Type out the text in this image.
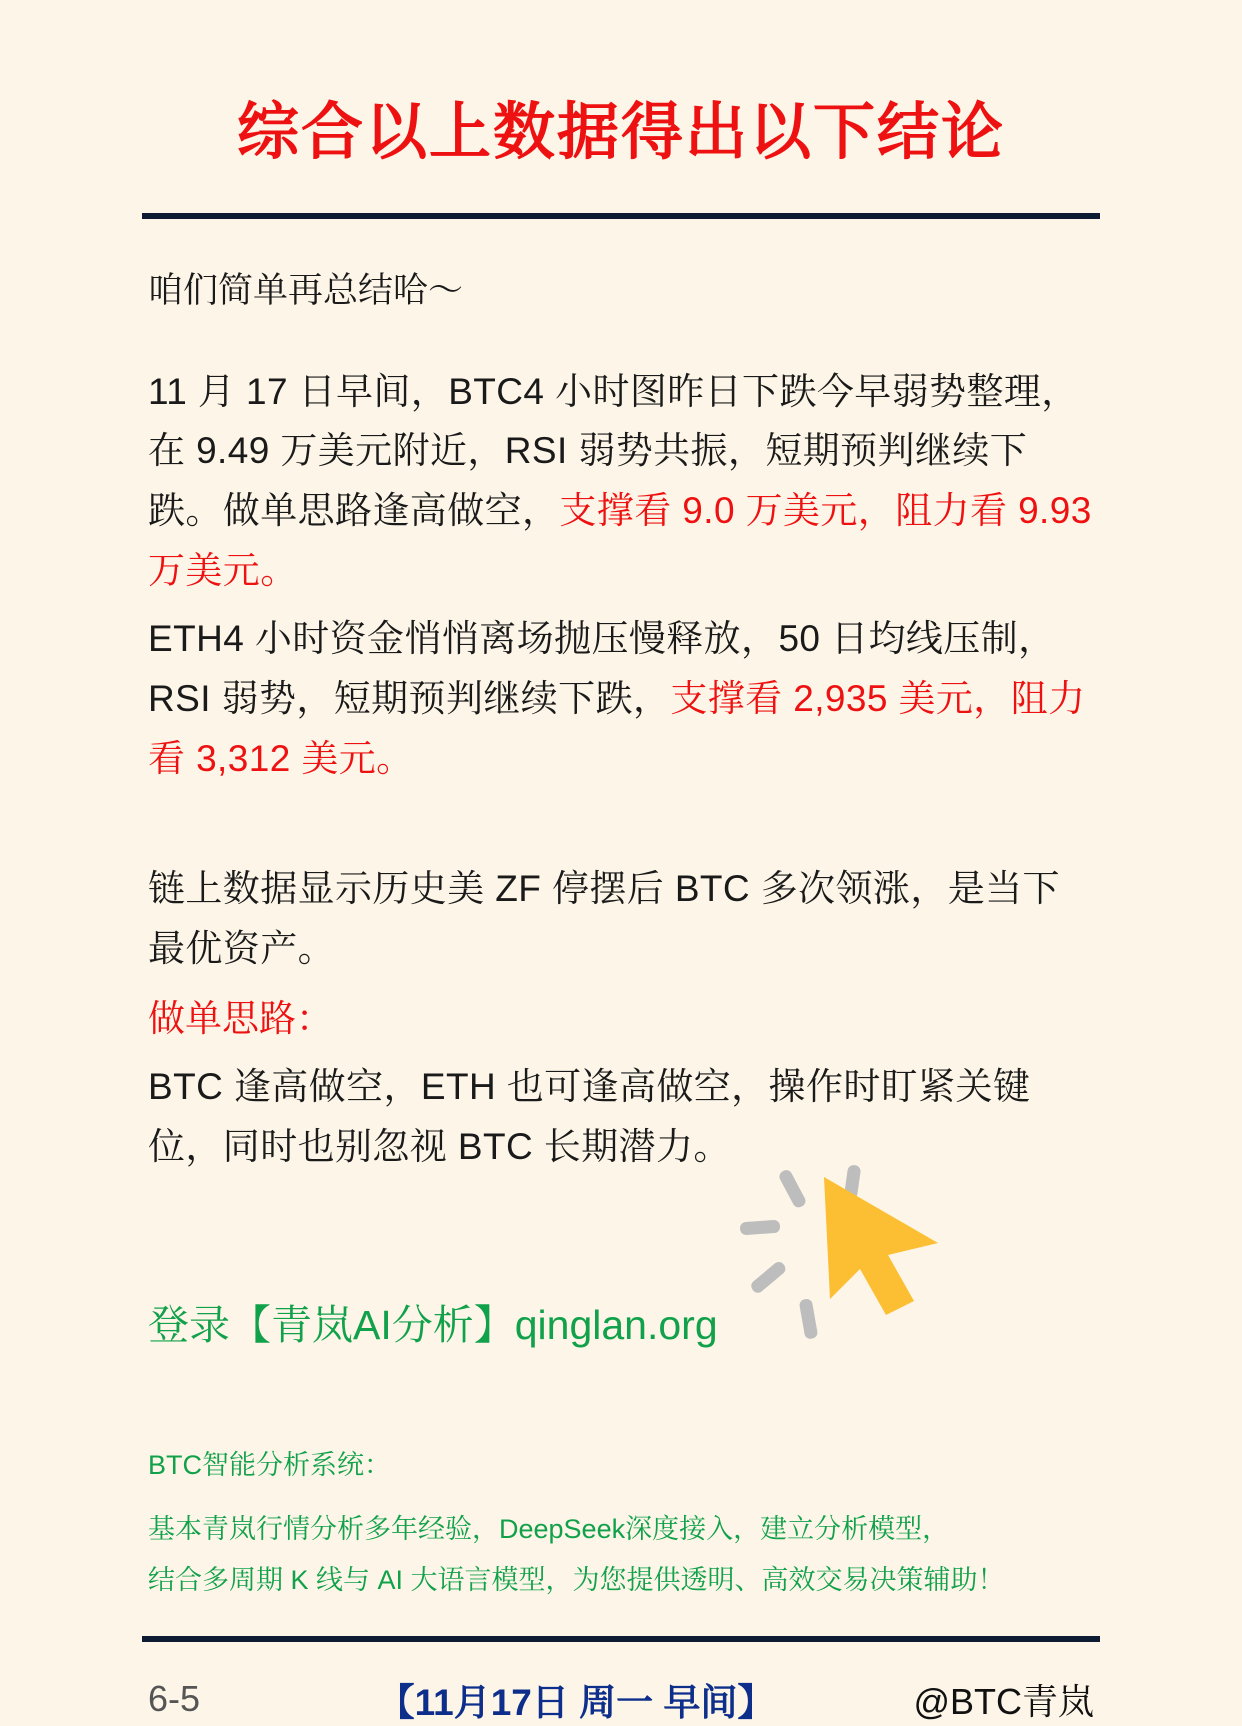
综合以上数据得出以下结论
咱们简单再总结哈～
11 月 17 日早间，BTC4 小时图昨日下跌今早弱势整理，在 9.49 万美元附近，RSI 弱势共振，短期预判继续下跌。做单思路逢高做空，支撑看 9.0 万美元，阻力看 9.93 万美元。
ETH4 小时资金悄悄离场抛压慢释放，50 日均线压制，RSI 弱势，短期预判继续下跌，支撑看 2,935 美元，阻力看 3,312 美元。
链上数据显示历史美 ZF 停摆后 BTC 多次领涨，是当下最优资产。
做单思路：
BTC 逢高做空，ETH 也可逢高做空，操作时盯紧关键位，同时也别忽视 BTC 长期潜力。
登录【青岚AI分析】qinglan.org
BTC智能分析系统：
基本青岚行情分析多年经验，DeepSeek深度接入，建立分析模型，
结合多周期 K 线与 AI 大语言模型，为您提供透明、高效交易决策辅助！
6-5	【11月17日 周一 早间】	@BTC青岚
